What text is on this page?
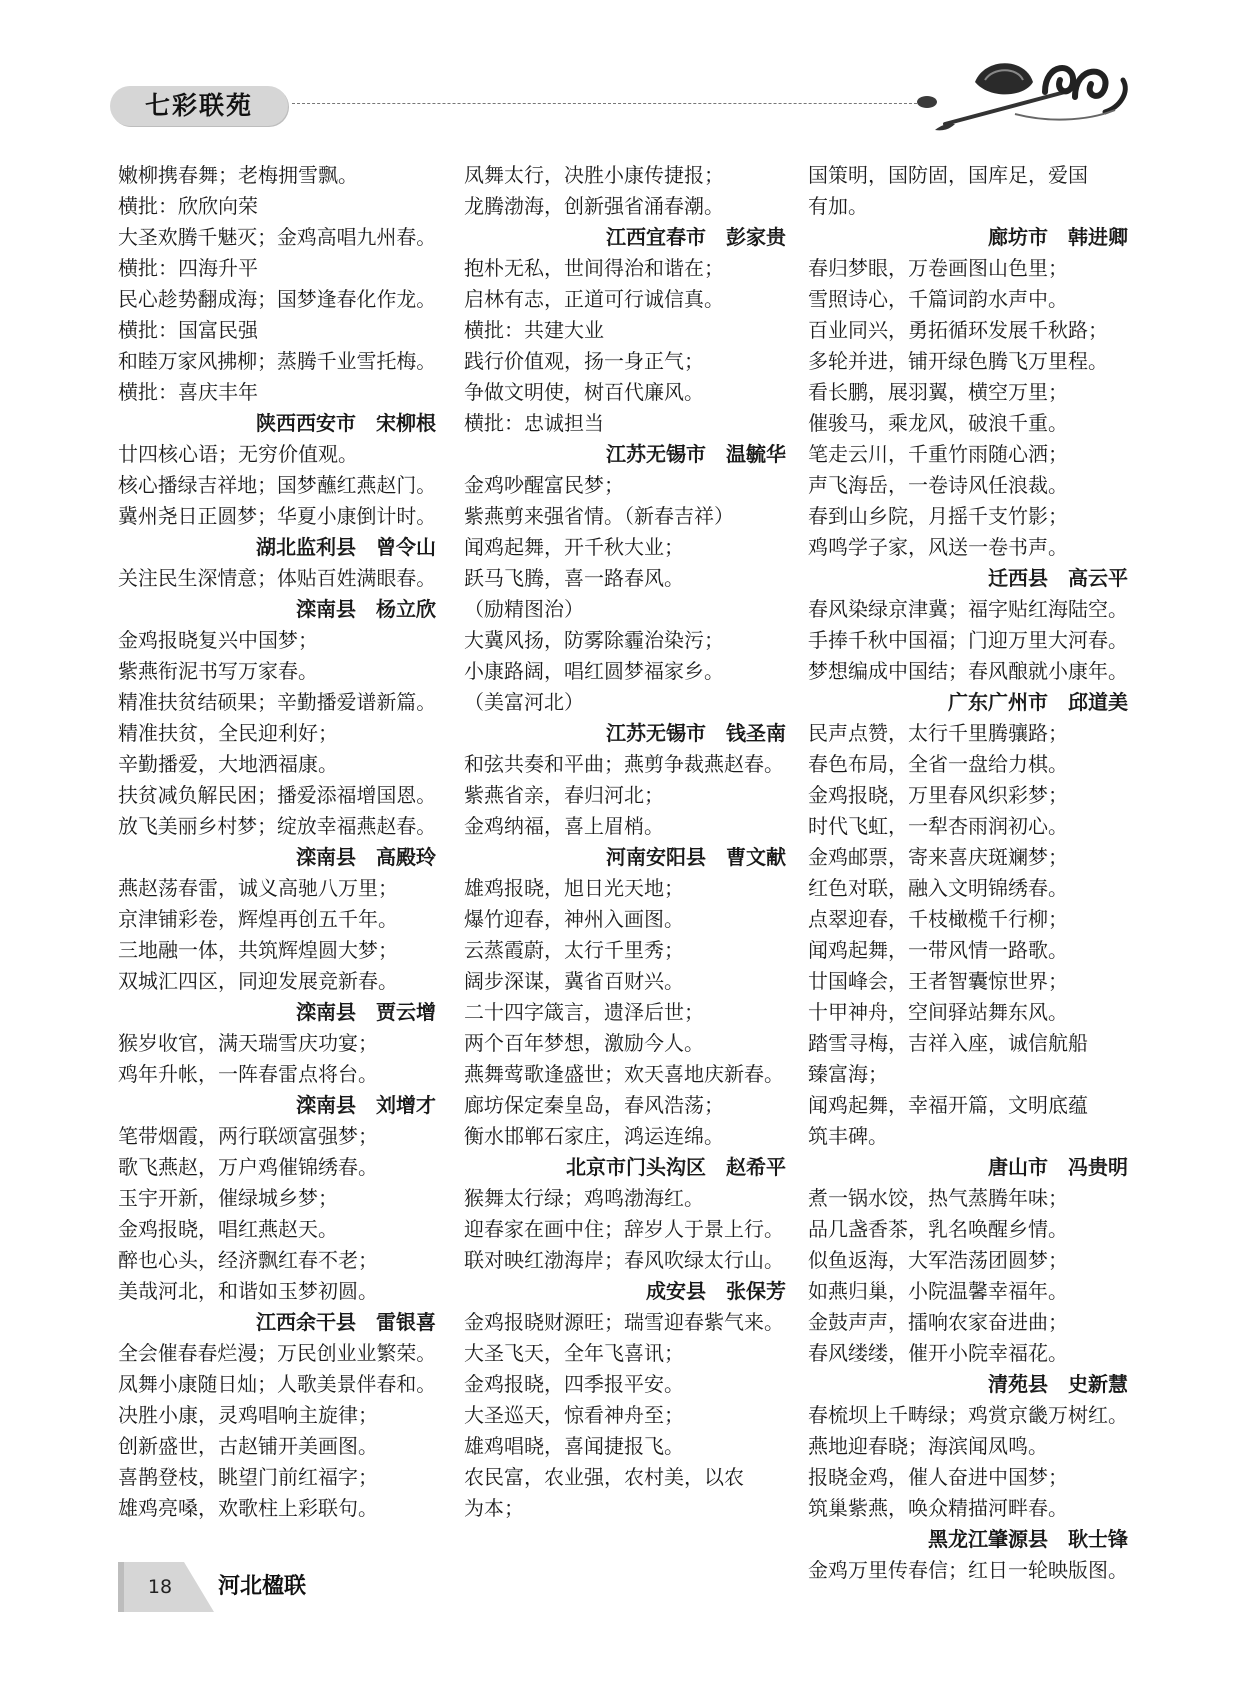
七彩联苑
嫩柳携春舞；老梅拥雪飘。
横批：欣欣向荣
大圣欢腾千魅灭；金鸡高唱九州春。
横批：四海升平
民心趁势翻成海；国梦逢春化作龙。
横批：国富民强
和睦万家风拂柳；蒸腾千业雪托梅。
横批：喜庆丰年
陕西西安市　宋柳根
廿四核心语；无穷价值观。
核心播绿吉祥地；国梦蘸红燕赵门。
冀州尧日正圆梦；华夏小康倒计时。
湖北监利县　曾令山
关注民生深情意；体贴百姓满眼春。
滦南县　杨立欣
金鸡报晓复兴中国梦；
紫燕衔泥书写万家春。
精准扶贫结硕果；辛勤播爱谱新篇。
精准扶贫，全民迎利好；
辛勤播爱，大地洒福康。
扶贫减负解民困；播爱添福增国恩。
放飞美丽乡村梦；绽放幸福燕赵春。
滦南县　高殿玲
燕赵荡春雷，诚义高驰八万里；
京津铺彩卷，辉煌再创五千年。
三地融一体，共筑辉煌圆大梦；
双城汇四区，同迎发展竞新春。
滦南县　贾云增
猴岁收官，满天瑞雪庆功宴；
鸡年升帐，一阵春雷点将台。
滦南县　刘增才
笔带烟霞，两行联颂富强梦；
歌飞燕赵，万户鸡催锦绣春。
玉宇开新，催绿城乡梦；
金鸡报晓，唱红燕赵天。
醉也心头，经济飘红春不老；
美哉河北，和谐如玉梦初圆。
江西余干县　雷银喜
全会催春春烂漫；万民创业业繁荣。
凤舞小康随日灿；人歌美景伴春和。
决胜小康，灵鸡唱响主旋律；
创新盛世，古赵铺开美画图。
喜鹊登枝，眺望门前红福字；
雄鸡亮嗓，欢歌柱上彩联句。
凤舞太行，决胜小康传捷报；
龙腾渤海，创新强省涌春潮。
江西宜春市　彭家贵
抱朴无私，世间得治和谐在；
启林有志，正道可行诚信真。
横批：共建大业
践行价值观，扬一身正气；
争做文明使，树百代廉风。
横批：忠诚担当
江苏无锡市　温毓华
金鸡吵醒富民梦；
紫燕剪来强省情。（新春吉祥）
闻鸡起舞，开千秋大业；
跃马飞腾，喜一路春风。
（励精图治）
大冀风扬，防雾除霾治染污；
小康路阔，唱红圆梦福家乡。
（美富河北）
江苏无锡市　钱圣南
和弦共奏和平曲；燕剪争裁燕赵春。
紫燕省亲，春归河北；
金鸡纳福，喜上眉梢。
河南安阳县　曹文献
雄鸡报晓，旭日光天地；
爆竹迎春，神州入画图。
云蒸霞蔚，太行千里秀；
阔步深谋，冀省百财兴。
二十四字箴言，遗泽后世；
两个百年梦想，激励今人。
燕舞莺歌逢盛世；欢天喜地庆新春。
廊坊保定秦皇岛，春风浩荡；
衡水邯郸石家庄，鸿运连绵。
北京市门头沟区　赵希平
猴舞太行绿；鸡鸣渤海红。
迎春家在画中住；辞岁人于景上行。
联对映红渤海岸；春风吹绿太行山。
成安县　张保芳
金鸡报晓财源旺；瑞雪迎春紫气来。
大圣飞天，全年飞喜讯；
金鸡报晓，四季报平安。
大圣巡天，惊看神舟至；
雄鸡唱晓，喜闻捷报飞。
农民富，农业强，农村美，以农
为本；
国策明，国防固，国库足，爱国
有加。
廊坊市　韩进卿
春归梦眼，万卷画图山色里；
雪照诗心，千篇词韵水声中。
百业同兴，勇拓循环发展千秋路；
多轮并进，铺开绿色腾飞万里程。
看长鹏，展羽翼，横空万里；
催骏马，乘龙风，破浪千重。
笔走云川，千重竹雨随心洒；
声飞海岳，一卷诗风任浪裁。
春到山乡院，月摇千支竹影；
鸡鸣学子家，风送一卷书声。
迁西县　高云平
春风染绿京津冀；福字贴红海陆空。
手捧千秋中国福；门迎万里大河春。
梦想编成中国结；春风酿就小康年。
广东广州市　邱道美
民声点赞，太行千里腾骧路；
春色布局，全省一盘给力棋。
金鸡报晓，万里春风织彩梦；
时代飞虹，一犁杏雨润初心。
金鸡邮票，寄来喜庆斑斓梦；
红色对联，融入文明锦绣春。
点翠迎春，千枝橄榄千行柳；
闻鸡起舞，一带风情一路歌。
廿国峰会，王者智囊惊世界；
十甲神舟，空间驿站舞东风。
踏雪寻梅，吉祥入座，诚信航船
臻富海；
闻鸡起舞，幸福开篇，文明底蕴
筑丰碑。
唐山市　冯贵明
煮一锅水饺，热气蒸腾年味；
品几盏香茶，乳名唤醒乡情。
似鱼返海，大军浩荡团圆梦；
如燕归巢，小院温馨幸福年。
金鼓声声，擂响农家奋进曲；
春风缕缕，催开小院幸福花。
清苑县　史新慧
春梳坝上千畴绿；鸡赏京畿万树红。
燕地迎春晓；海滨闻凤鸣。
报晓金鸡，催人奋进中国梦；
筑巢紫燕，唤众精描河畔春。
黑龙江肇源县　耿士锋
金鸡万里传春信；红日一轮映版图。
18	河北楹联
